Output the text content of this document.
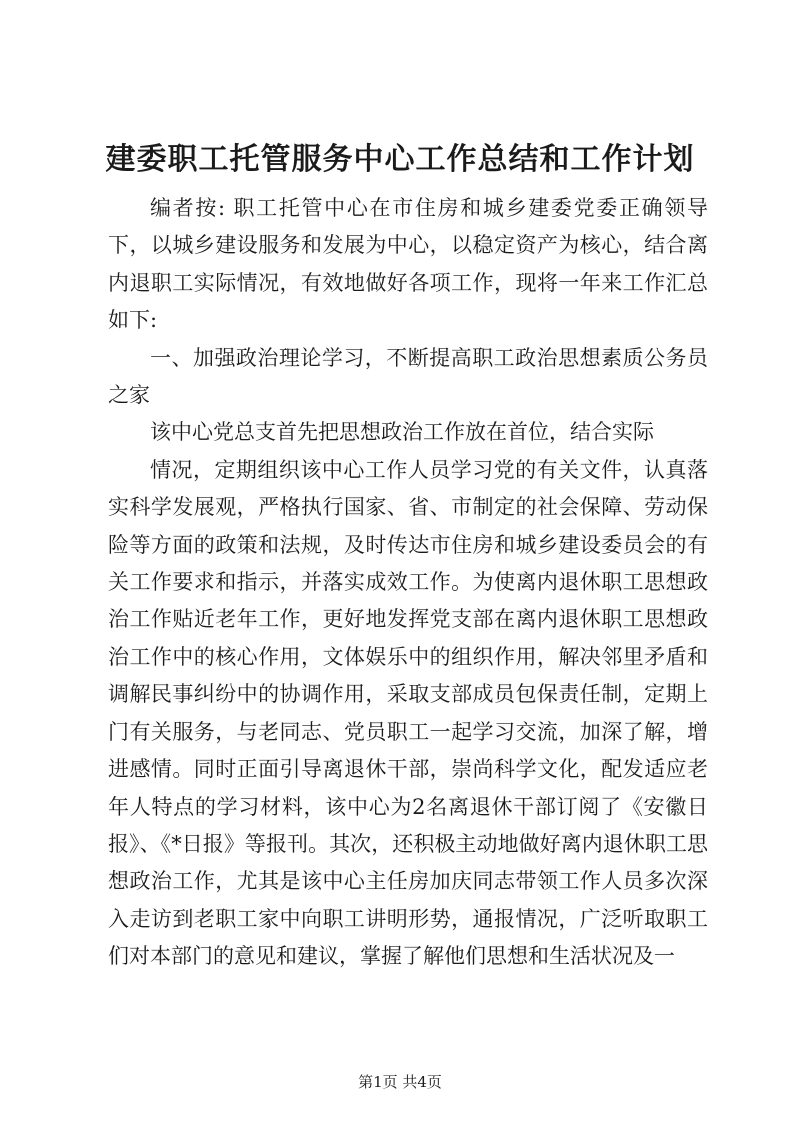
建委职工托管服务中心工作总结和工作计划

编者按: 职工托管中心在市住房和城乡建委党委正确领导下，以城乡建设服务和发展为中心，以稳定资产为核心，结合离内退职工实际情况，有效地做好各项工作，现将一年来工作汇总如下:

一、加强政治理论学习，不断提高职工政治思想素质公务员之家

该中心党总支首先把思想政治工作放在首位，结合实际

情况，定期组织该中心工作人员学习党的有关文件，认真落实科学发展观，严格执行国家、省、市制定的社会保障、劳动保险等方面的政策和法规，及时传达市住房和城乡建设委员会的有关工作要求和指示，并落实成效工作。为使离内退休职工思想政治工作贴近老年工作，更好地发挥党支部在离内退休职工思想政治工作中的核心作用，文体娱乐中的组织作用，解决邻里矛盾和调解民事纠纷中的协调作用，采取支部成员包保责任制，定期上门有关服务，与老同志、党员职工一起学习交流，加深了解，增进感情。同时正面引导离退休干部，崇尚科学文化，配发适应老年人特点的学习材料，该中心为2名离退休干部订阅了《安徽日报》、《*日报》等报刊。其次，还积极主动地做好离内退休职工思想政治工作，尤其是该中心主任房加庆同志带领工作人员多次深入走访到老职工家中向职工讲明形势，通报情况，广泛听取职工们对本部门的意见和建议，掌握了解他们思想和生活状况及一

第1页 共4页
